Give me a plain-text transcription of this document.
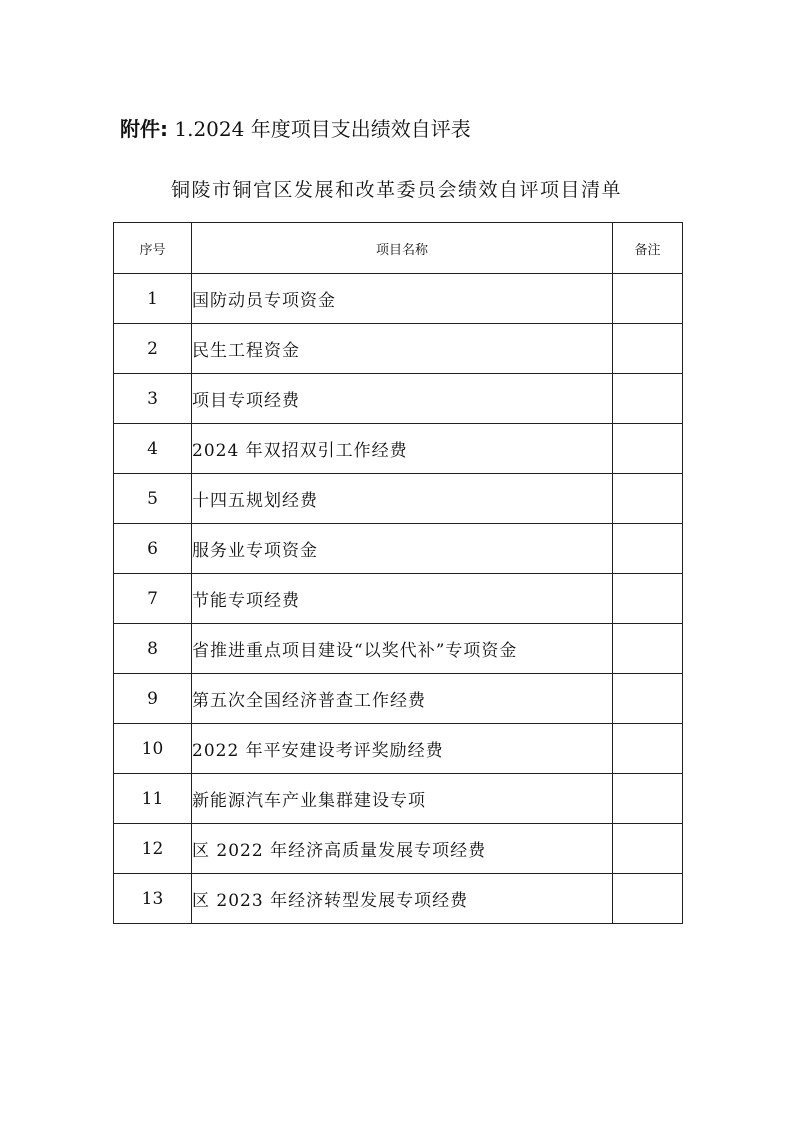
附件: 1.2024 年度项目支出绩效自评表
铜陵市铜官区发展和改革委员会绩效自评项目清单
序号	项目名称	备注
1	国防动员专项资金	
2	民生工程资金	
3	项目专项经费	
4	2024 年双招双引工作经费	
5	十四五规划经费	
6	服务业专项资金	
7	节能专项经费	
8	省推进重点项目建设“以奖代补”专项资金	
9	第五次全国经济普查工作经费	
10	2022 年平安建设考评奖励经费	
11	新能源汽车产业集群建设专项	
12	区 2022 年经济高质量发展专项经费	
13	区 2023 年经济转型发展专项经费	
